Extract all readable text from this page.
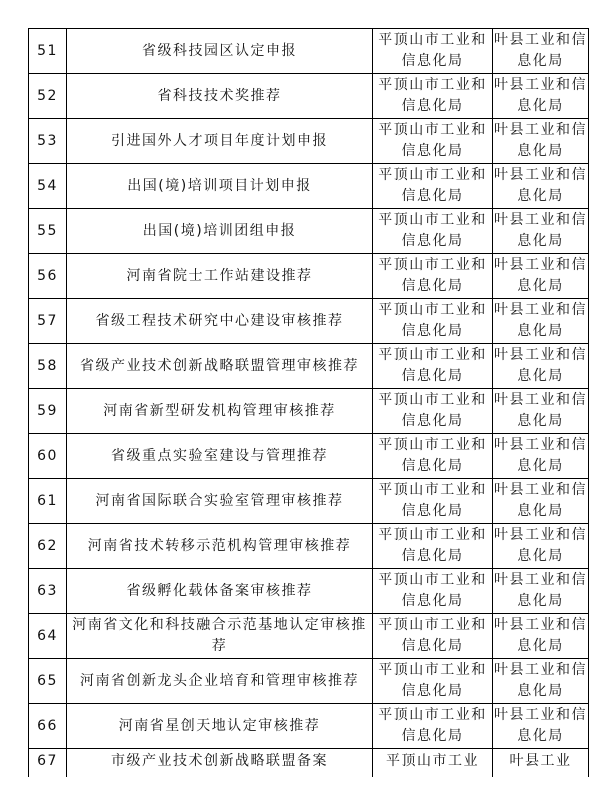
51	省级科技园区认定申报	平顶山市工业和信息化局	叶县工业和信息化局
52	省科技技术奖推荐	平顶山市工业和信息化局	叶县工业和信息化局
53	引进国外人才项目年度计划申报	平顶山市工业和信息化局	叶县工业和信息化局
54	出国(境)培训项目计划申报	平顶山市工业和信息化局	叶县工业和信息化局
55	出国(境)培训团组申报	平顶山市工业和信息化局	叶县工业和信息化局
56	河南省院士工作站建设推荐	平顶山市工业和信息化局	叶县工业和信息化局
57	省级工程技术研究中心建设审核推荐	平顶山市工业和信息化局	叶县工业和信息化局
58	省级产业技术创新战略联盟管理审核推荐	平顶山市工业和信息化局	叶县工业和信息化局
59	河南省新型研发机构管理审核推荐	平顶山市工业和信息化局	叶县工业和信息化局
60	省级重点实验室建设与管理推荐	平顶山市工业和信息化局	叶县工业和信息化局
61	河南省国际联合实验室管理审核推荐	平顶山市工业和信息化局	叶县工业和信息化局
62	河南省技术转移示范机构管理审核推荐	平顶山市工业和信息化局	叶县工业和信息化局
63	省级孵化载体备案审核推荐	平顶山市工业和信息化局	叶县工业和信息化局
64	河南省文化和科技融合示范基地认定审核推荐	平顶山市工业和信息化局	叶县工业和信息化局
65	河南省创新龙头企业培育和管理审核推荐	平顶山市工业和信息化局	叶县工业和信息化局
66	河南省星创天地认定审核推荐	平顶山市工业和信息化局	叶县工业和信息化局
67	市级产业技术创新战略联盟备案	平顶山市工业	叶县工业
